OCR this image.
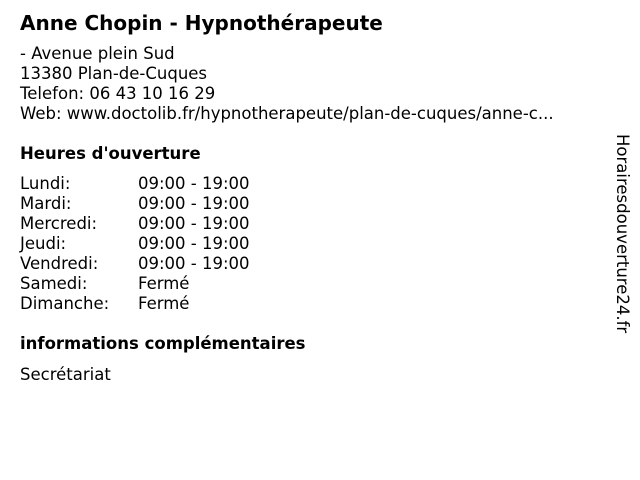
Anne Chopin - Hypnothérapeute
- Avenue plein Sud
13380 Plan-de-Cuques
Telefon: 06 43 10 16 29
Web: www.doctolib.fr/hypnotherapeute/plan-de-cuques/anne-c...
Heures d'ouverture
Lundi:	09:00 - 19:00
Mardi:	09:00 - 19:00
Mercredi:	09:00 - 19:00
Jeudi:	09:00 - 19:00
Vendredi:	09:00 - 19:00
Samedi:	Fermé
Dimanche:	Fermé
informations complémentaires
Secrétariat
Horairesdouverture24.fr
